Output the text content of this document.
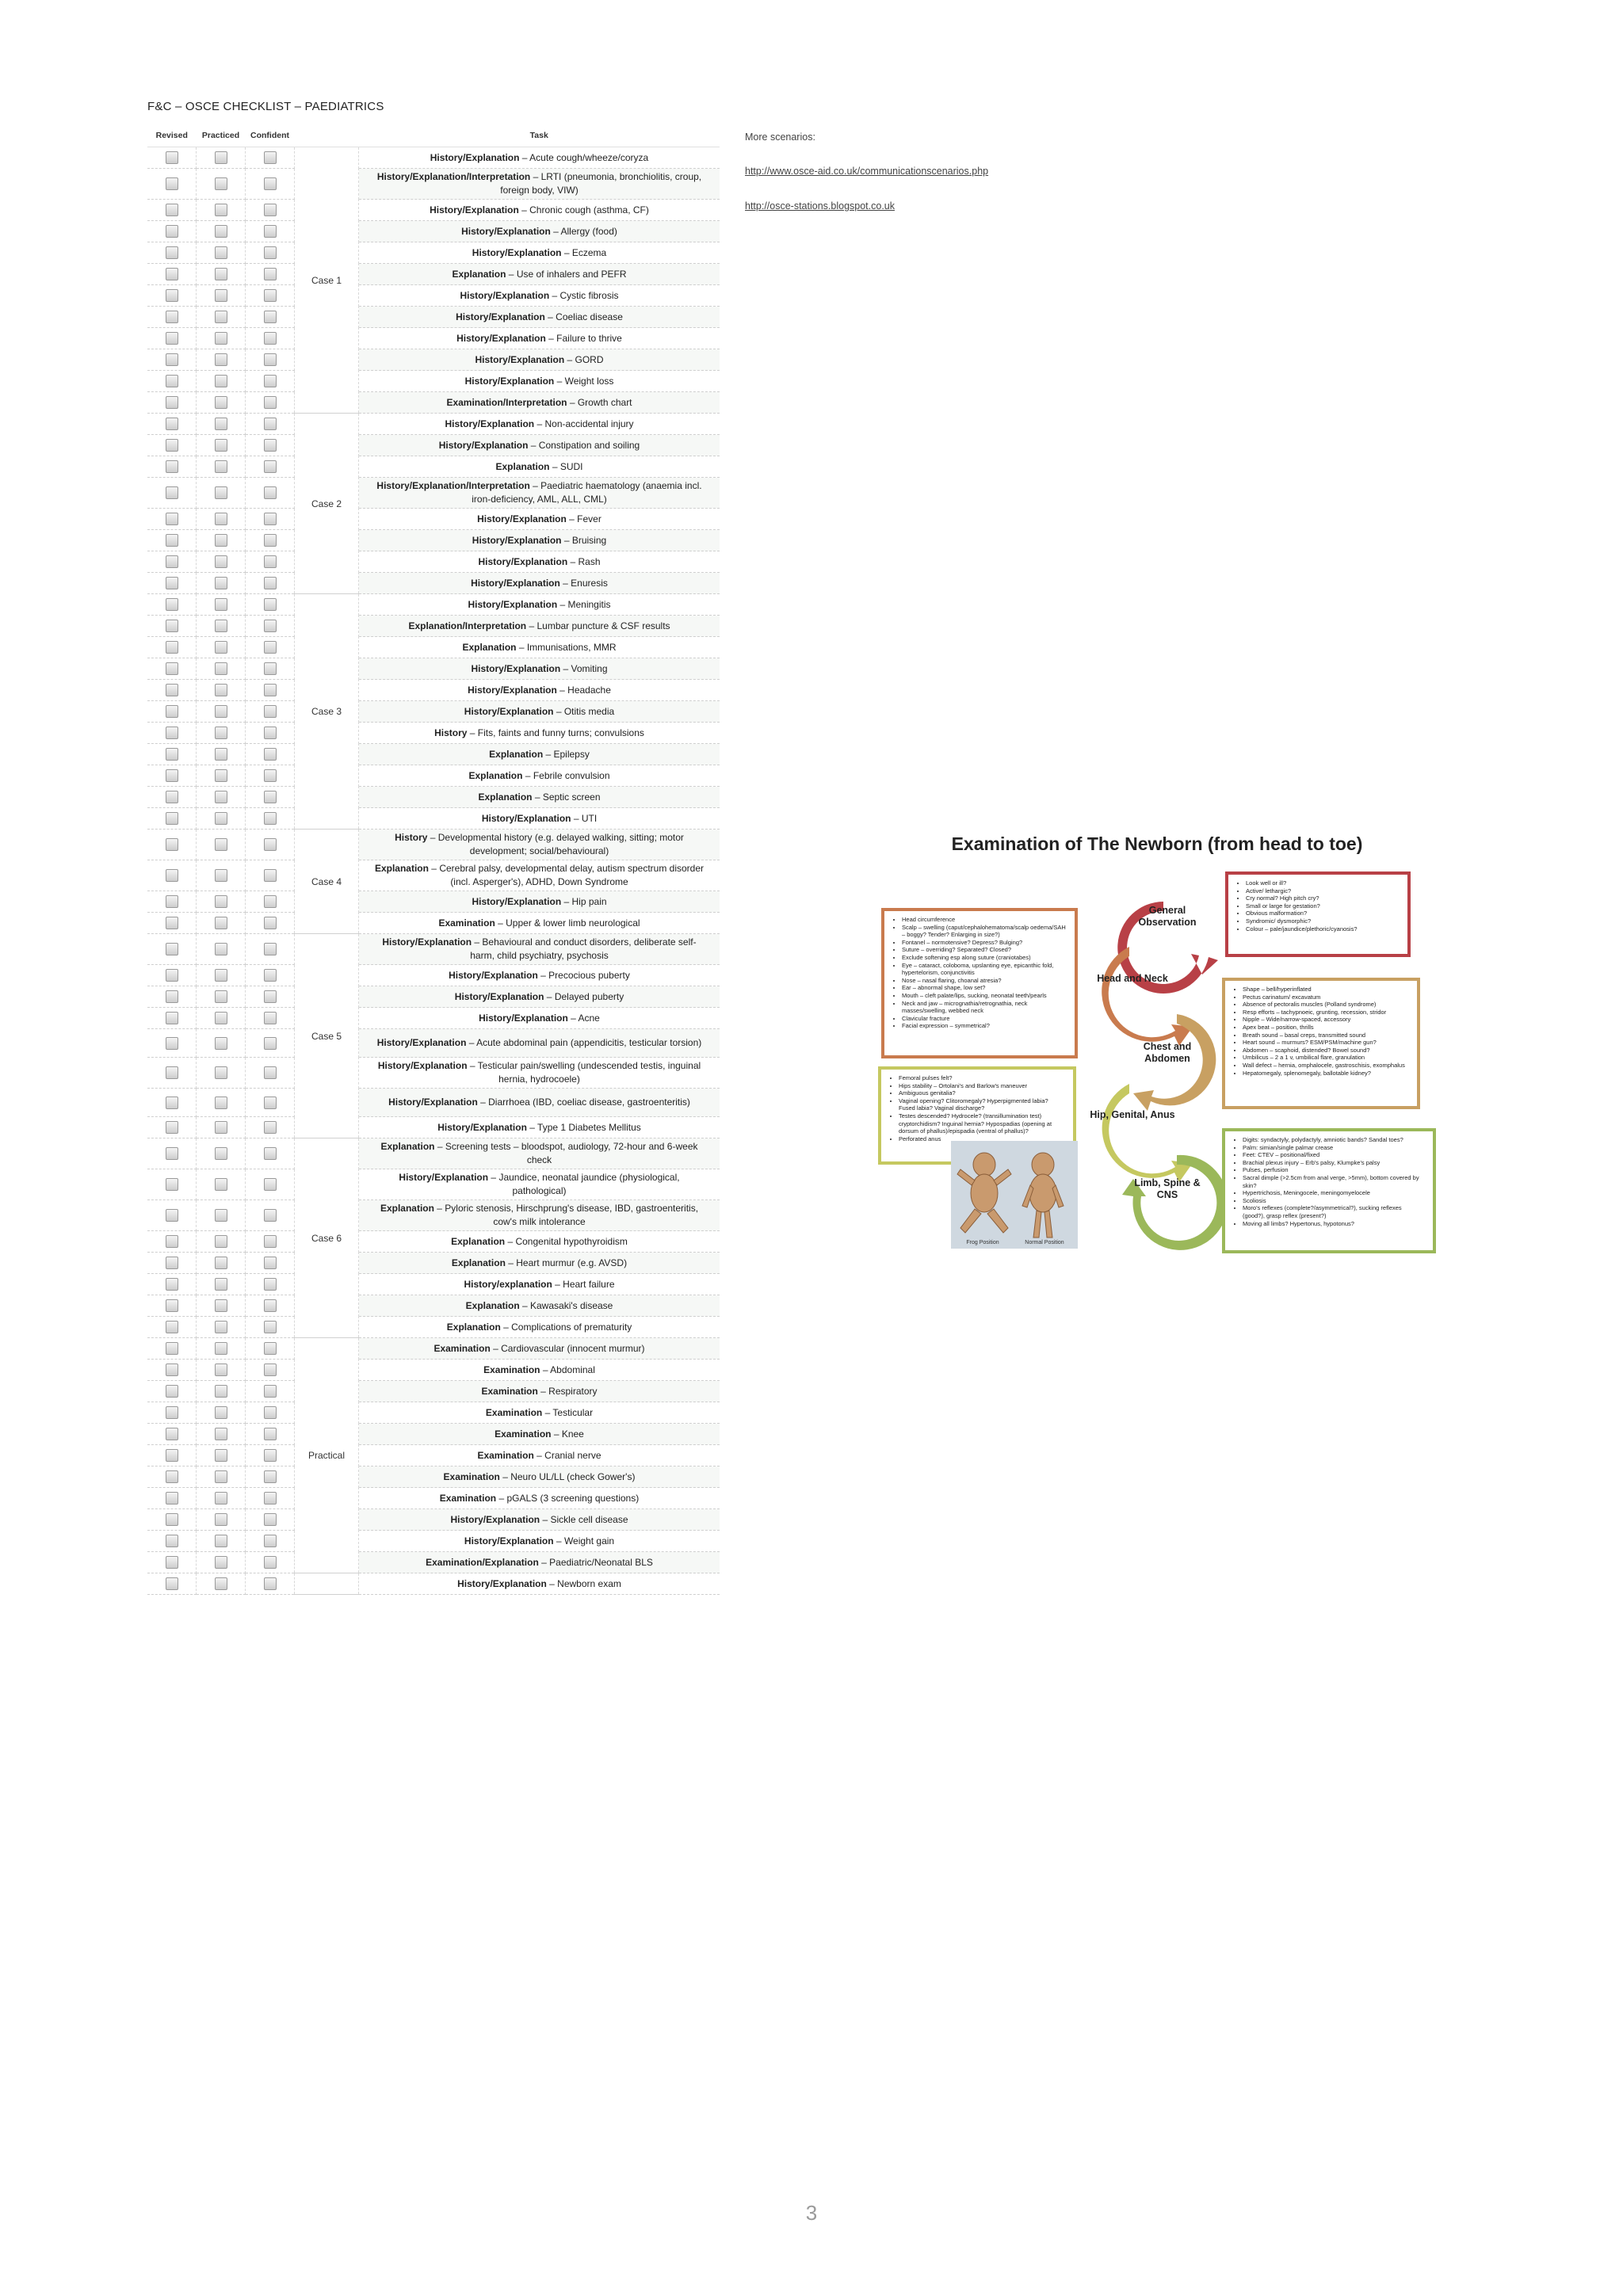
F&C – OSCE CHECKLIST – PAEDIATRICS
Revised	Practiced	Confident		Task
			Case 1	History/Explanation – Acute cough/wheeze/coryza
				History/Explanation/Interpretation – LRTI (pneumonia, bronchiolitis, croup, foreign body, VIW)
				History/Explanation – Chronic cough (asthma, CF)
				History/Explanation – Allergy (food)
				History/Explanation – Eczema
				Explanation – Use of inhalers and PEFR
				History/Explanation – Cystic fibrosis
				History/Explanation – Coeliac disease
				History/Explanation – Failure to thrive
				History/Explanation – GORD
				History/Explanation – Weight loss
				Examination/Interpretation – Growth chart
			Case 2	History/Explanation – Non-accidental injury
				History/Explanation – Constipation and soiling
				Explanation – SUDI
				History/Explanation/Interpretation – Paediatric haematology (anaemia incl. iron-deficiency, AML, ALL, CML)
				History/Explanation – Fever
				History/Explanation – Bruising
				History/Explanation – Rash
				History/Explanation – Enuresis
			Case 3	History/Explanation – Meningitis
				Explanation/Interpretation – Lumbar puncture & CSF results
				Explanation – Immunisations, MMR
				History/Explanation – Vomiting
				History/Explanation – Headache
				History/Explanation – Otitis media
				History – Fits, faints and funny turns; convulsions
				Explanation – Epilepsy
				Explanation – Febrile convulsion
				Explanation – Septic screen
				History/Explanation – UTI
			Case 4	History – Developmental history (e.g. delayed walking, sitting; motor development; social/behavioural)
				Explanation – Cerebral palsy, developmental delay, autism spectrum disorder (incl. Asperger's), ADHD, Down Syndrome
				History/Explanation – Hip pain
				Examination – Upper & lower limb neurological
			Case 5	History/Explanation – Behavioural and conduct disorders, deliberate self-harm, child psychiatry, psychosis
				History/Explanation – Precocious puberty
				History/Explanation – Delayed puberty
				History/Explanation – Acne
				History/Explanation – Acute abdominal pain (appendicitis, testicular torsion)
				History/Explanation – Testicular pain/swelling (undescended testis, inguinal hernia, hydrocoele)
				History/Explanation – Diarrhoea (IBD, coeliac disease, gastroenteritis)
				History/Explanation – Type 1 Diabetes Mellitus
			Case 6	Explanation – Screening tests – bloodspot, audiology, 72-hour and 6-week check
				History/Explanation – Jaundice, neonatal jaundice (physiological, pathological)
				Explanation – Pyloric stenosis, Hirschprung's disease, IBD, gastroenteritis, cow's milk intolerance
				Explanation – Congenital hypothyroidism
				Explanation – Heart murmur (e.g. AVSD)
				History/explanation – Heart failure
				Explanation – Kawasaki's disease
				Explanation – Complications of prematurity
			Practical	Examination – Cardiovascular (innocent murmur)
				Examination – Abdominal
				Examination – Respiratory
				Examination – Testicular
				Examination – Knee
				Examination – Cranial nerve
				Examination – Neuro UL/LL (check Gower's)
				Examination – pGALS (3 screening questions)
				History/Explanation – Sickle cell disease
				History/Explanation – Weight gain
				Examination/Explanation – Paediatric/Neonatal BLS
				History/Explanation – Newborn exam
More scenarios:
http://www.osce-aid.co.uk/communicationscenarios.php
http://osce-stations.blogspot.co.uk
Examination of The Newborn (from head to toe)
General Observation
Head and Neck
Chest and Abdomen
Hip, Genital, Anus
Limb, Spine & CNS
• Look well or ill?
• Active/ lethargic?
• Cry normal? High pitch cry?
• Small or large for gestation?
• Obvious malformation?
• Syndromic/ dysmorphic?
• Colour – pale/jaundice/plethoric/cyanosis?
• Head circumference
• Scalp – swelling (caput/cephalohematoma/scalp oedema/SAH – boggy? Tender? Enlarging in size?)
• Fontanel – normotensive? Depress? Bulging?
• Suture – overriding? Separated? Closed?
• Exclude softening esp along suture (craniotabes)
• Eye – cataract, coloboma, upslanting eye, epicanthic fold, hypertelorism, conjunctivitis
• Nose – nasal flaring, choanal atresia?
• Ear – abnormal shape, low set?
• Mouth – cleft palate/lips, sucking, neonatal teeth/pearls
• Neck and jaw – micrognathia/retrognathia, neck masses/swelling, webbed neck
• Clavicular fracture
• Facial expression – symmetrical?
• Shape – bell/hyperinflated
• Pectus carinatum/ excavatum
• Absence of pectoralis muscles (Polland syndrome)
• Resp efforts – tachypnoeic, grunting, recession, stridor
• Nipple – Wide/narrow-spaced, accessory
• Apex beat – position, thrills
• Breath sound – basal creps, transmitted sound
• Heart sound – murmurs? ESM/PSM/machine gun?
• Abdomen – scaphoid, distended? Bowel sound?
• Umbilicus – 2 a 1 v, umbilical flare, granulation
• Wall defect – hernia, omphalocele, gastroschisis, exomphalus
• Hepatomegaly, splenomegaly, ballotable kidney?
• Femoral pulses felt?
• Hips stability – Ortolani's and Barlow's maneuver
• Ambiguous genitalia?
• Vaginal opening? Clitoromegaly? Hyperpigmented labia? Fused labia? Vaginal discharge?
• Testes descended? Hydrocele? (transillumination test) cryptorchidism? Inguinal hernia? Hypospadias (opening at dorsum of phallus)/epispadia (ventral of phallus)?
• Perforated anus	• Digits: syndactyly, polydactyly, amniotic bands? Sandal toes?
• Palm: simian/single palmar crease
• Feet: CTEV – positional/fixed
• Brachial plexus injury – Erb's palsy, Klumpke's palsy
• Pulses, perfusion
• Sacral dimple (>2.5cm from anal verge, >5mm), bottom covered by skin?
• Hypertrichosis, Meningocele, meningomyelocele
• Scoliosis
• Moro's reflexes (complete?/asymmetrical?), sucking reflexes (good?), grasp reflex (present?)
• Moving all limbs? Hypertonus, hypotonus?
Frog Position	Normal Position
3
